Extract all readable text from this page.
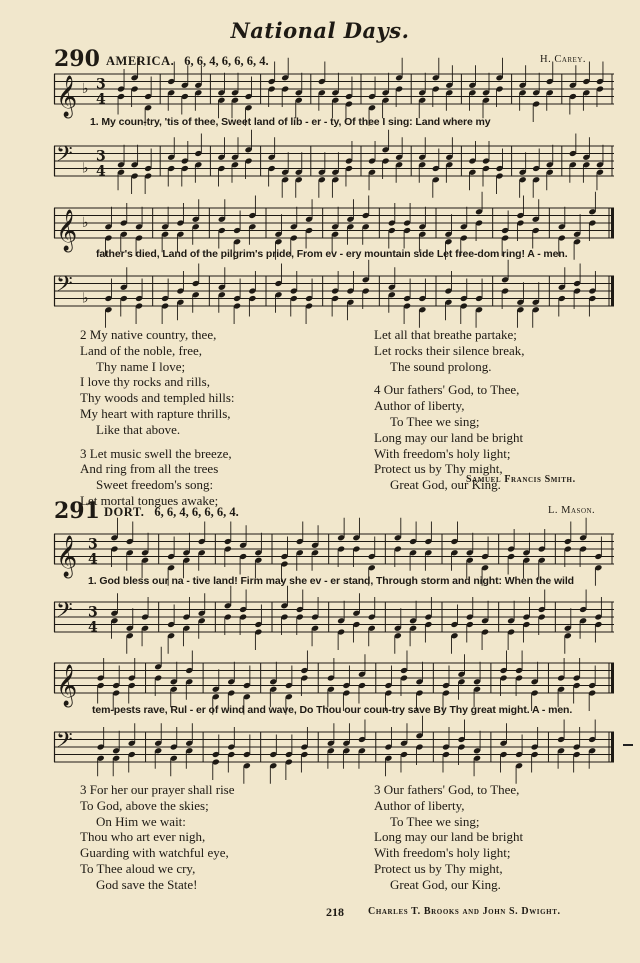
National Days.
290 AMERICA. 6, 6, 4, 6, 6, 6, 4.	H. Carey.
𝄞 ♭ 3
4
1. My coun-try, 'tis of thee, Sweet land of lib - er - ty, Of thee I sing: Land where my
𝄢 ♭
3
4
𝄞 ♭
father's died, Land of the pilgrim's pride, From ev - ery mountain side Let free-dom ring! A - men.
𝄢 ♭
2 My native country, thee,
Land of the noble, free,
Thy name I love;
I love thy rocks and rills,
Thy woods and templed hills:
My heart with rapture thrills,
Like that above.
3 Let music swell the breeze,
And ring from all the trees
Sweet freedom's song:
Let mortal tongues awake;
Let all that breathe partake;
Let rocks their silence break,
The sound prolong.
4 Our fathers' God, to Thee,
Author of liberty,
To Thee we sing;
Long may our land be bright
With freedom's holy light;
Protect us by Thy might,
Great God, our King.
Samuel Francis Smith.
291 DORT. 6, 6, 4, 6, 6, 6, 4.	L. Mason.
𝄞 3
4
1. God bless our na - tive land! Firm may she ev - er stand, Through storm and night: When the wild
𝄢 3
4
𝄞
tem-pests rave, Rul - er of wind and wave, Do Thou our coun-try save By Thy great might. A - men.
𝄢
3 For her our prayer shall rise
To God, above the skies;
On Him we wait:
Thou who art ever nigh,
Guarding with watchful eye,
To Thee aloud we cry,
God save the State!
3 Our fathers' God, to Thee,
Author of liberty,
To Thee we sing;
Long may our land be bright
With freedom's holy light;
Protect us by Thy might,
Great God, our King.
218 Charles T. Brooks and John S. Dwight.
